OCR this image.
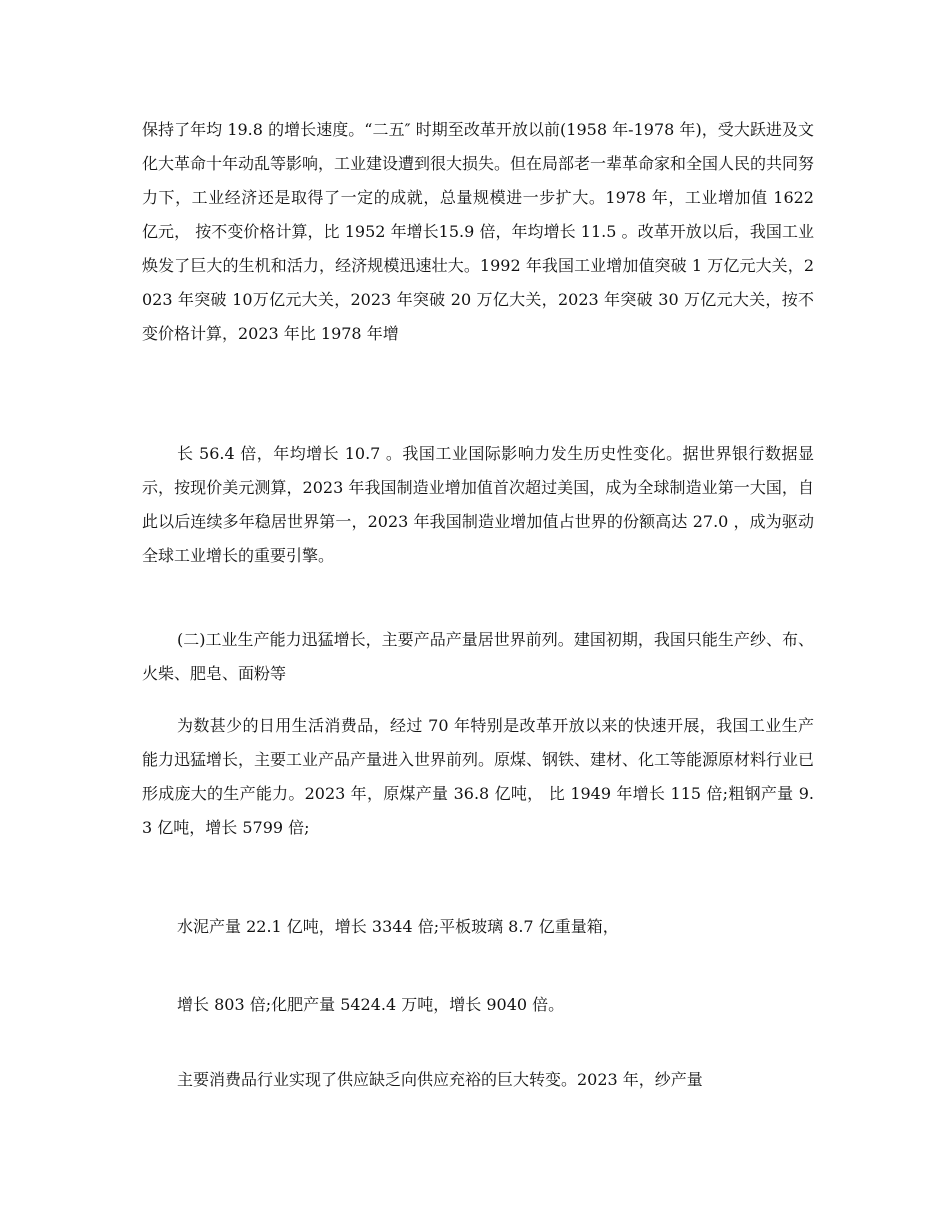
保持了年均 19.8 的增长速度。“二五″ 时期至改革开放以前(1958 年-1978 年)，受大跃进及文化大革命十年动乱等影响，工业建设遭到很大损失。但在局部老一辈革命家和全国人民的共同努力下，工业经济还是取得了一定的成就，总量规模进一步扩大。1978 年，工业增加值 1622 亿元， 按不变价格计算，比 1952 年增长15.9 倍，年均增长 11.5 。改革开放以后，我国工业焕发了巨大的生机和活力，经济规模迅速壮大。1992 年我国工业增加值突破 1 万亿元大关，2023 年突破 10万亿元大关，2023 年突破 20 万亿大关，2023 年突破 30 万亿元大关，按不变价格计算，2023 年比 1978 年增

长 56.4 倍，年均增长 10.7 。我国工业国际影响力发生历史性变化。据世界银行数据显示，按现价美元测算，2023 年我国制造业增加值首次超过美国，成为全球制造业第一大国，自此以后连续多年稳居世界第一，2023 年我国制造业增加值占世界的份额高达 27.0 ，成为驱动全球工业增长的重要引擎。

(二)工业生产能力迅猛增长，主要产品产量居世界前列。建国初期，我国只能生产纱、布、火柴、肥皂、面粉等

为数甚少的日用生活消费品，经过 70 年特别是改革开放以来的快速开展，我国工业生产能力迅猛增长，主要工业产品产量进入世界前列。原煤、钢铁、建材、化工等能源原材料行业已形成庞大的生产能力。2023 年，原煤产量 36.8 亿吨， 比 1949 年增长 115 倍;粗钢产量 9.3 亿吨，增长 5799 倍;

水泥产量 22.1 亿吨，增长 3344 倍;平板玻璃 8.7 亿重量箱，

增长 803 倍;化肥产量 5424.4 万吨，增长 9040 倍。

主要消费品行业实现了供应缺乏向供应充裕的巨大转变。2023 年，纱产量
